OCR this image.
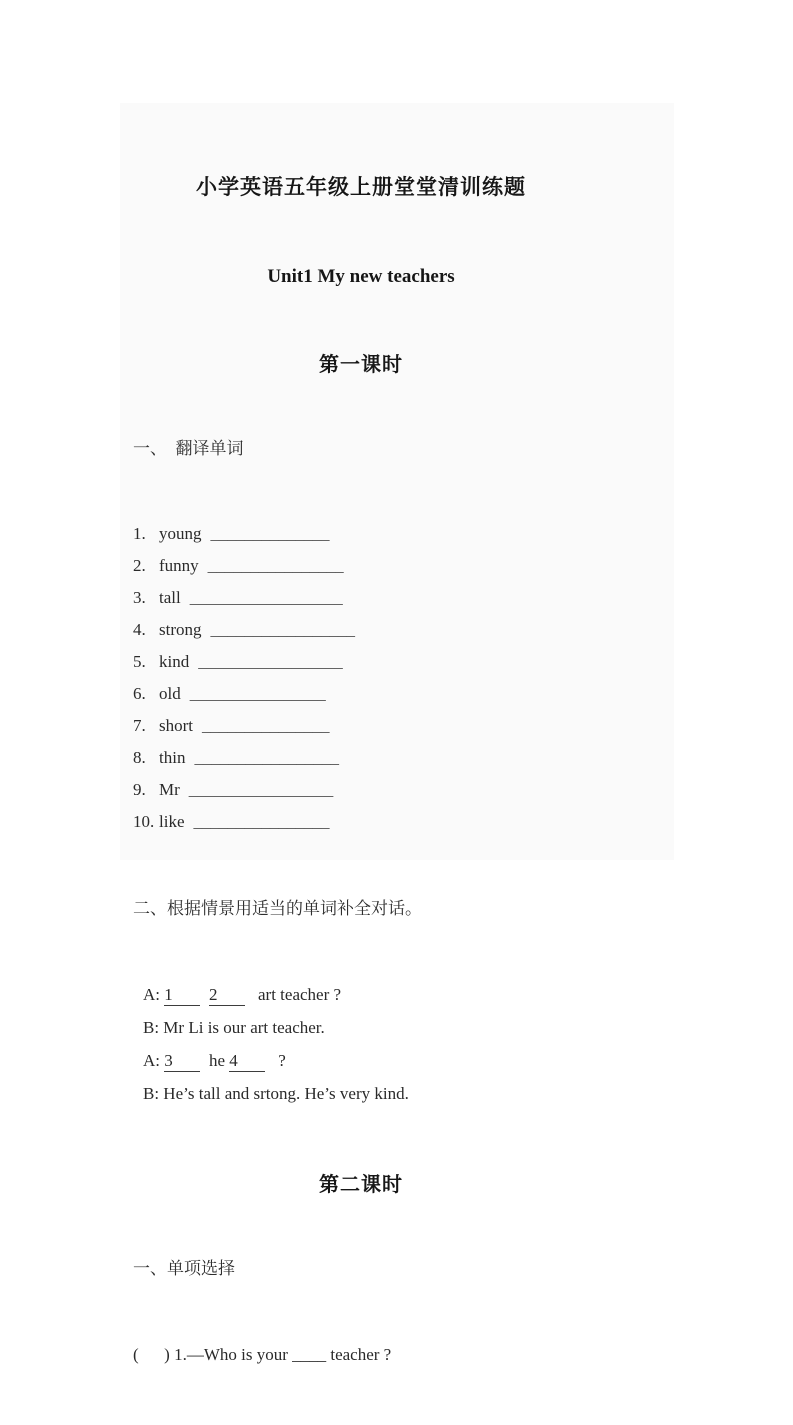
小学英语五年级上册堂堂清训练题

Unit1 My new teachers

第一课时

一、　翻译单词

1. young ______________
2. funny ________________
3. tall __________________
4. strong _________________
5. kind _________________
6. old ________________
7. short _______________
8. thin _________________
9. Mr _________________
10. like ________________

二、根据情景用适当的单词补全对话。

A: 1 2  art teacher ?
B: Mr Li is our art teacher.
A: 3 he 4  ?
B: He’s tall and srtong. He’s very kind.

第二课时

一、单项选择

(      ) 1.—Who is your ____ teacher ?
